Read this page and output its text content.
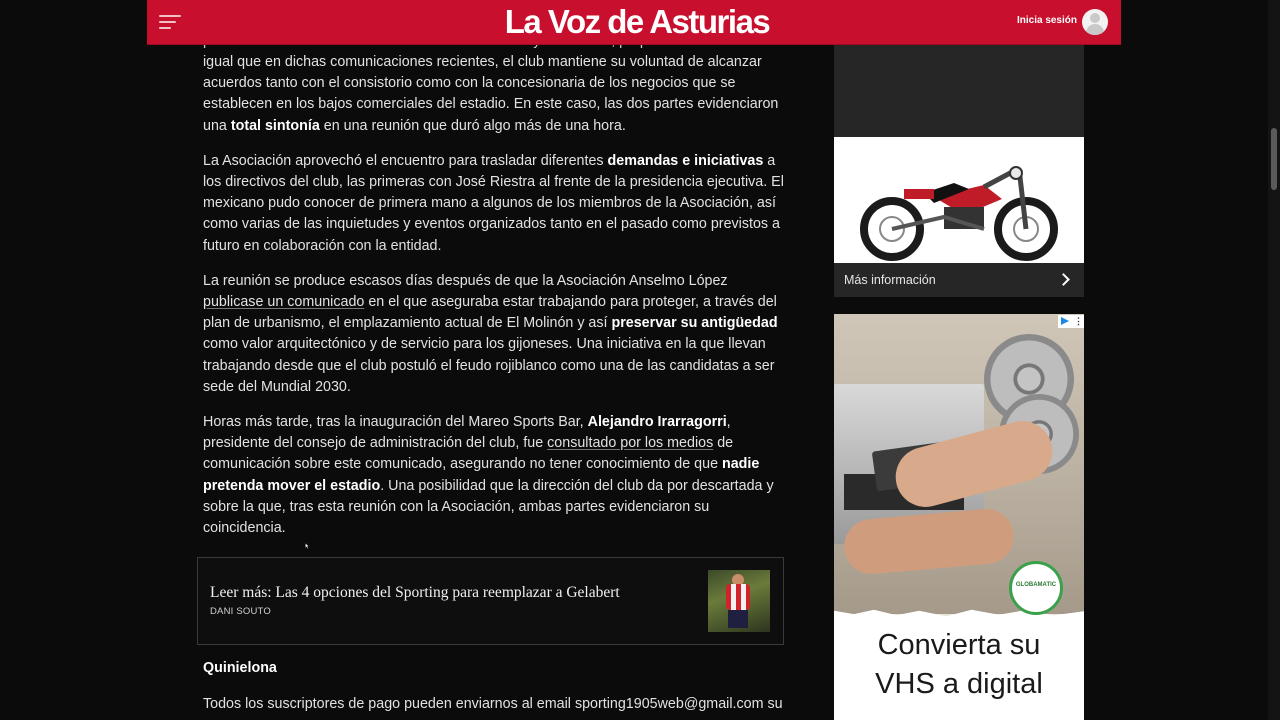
La Voz de Asturias	Inicia sesión

igual que en dichas comunicaciones recientes, el club mantiene su voluntad de alcanzar acuerdos tanto con el consistorio como con la concesionaria de los negocios que se establecen en los bajos comerciales del estadio. En este caso, las dos partes evidenciaron una total sintonía en una reunión que duró algo más de una hora.

La Asociación aprovechó el encuentro para trasladar diferentes demandas e iniciativas a los directivos del club, las primeras con José Riestra al frente de la presidencia ejecutiva. El mexicano pudo conocer de primera mano a algunos de los miembros de la Asociación, así como varias de las inquietudes y eventos organizados tanto en el pasado como previstos a futuro en colaboración con la entidad.

La reunión se produce escasos días después de que la Asociación Anselmo López publicase un comunicado en el que aseguraba estar trabajando para proteger, a través del plan de urbanismo, el emplazamiento actual de El Molinón y así preservar su antigüedad como valor arquitectónico y de servicio para los gijoneses. Una iniciativa en la que llevan trabajando desde que el club postuló el feudo rojiblanco como una de las candidatas a ser sede del Mundial 2030.

Horas más tarde, tras la inauguración del Mareo Sports Bar, Alejandro Irarragorri, presidente del consejo de administración del club, fue consultado por los medios de comunicación sobre este comunicado, asegurando no tener conocimiento de que nadie pretenda mover el estadio. Una posibilidad que la dirección del club da por descartada y sobre la que, tras esta reunión con la Asociación, ambas partes evidenciaron su coincidencia.

Leer más: Las 4 opciones del Sporting para reemplazar a Gelabert
DANI SOUTO
Quinielona
Todos los suscriptores de pago pueden enviarnos al email sporting1905web@gmail.com su
Más información
GLOBAMATIC
Convierta su
VHS a digital
⋮
